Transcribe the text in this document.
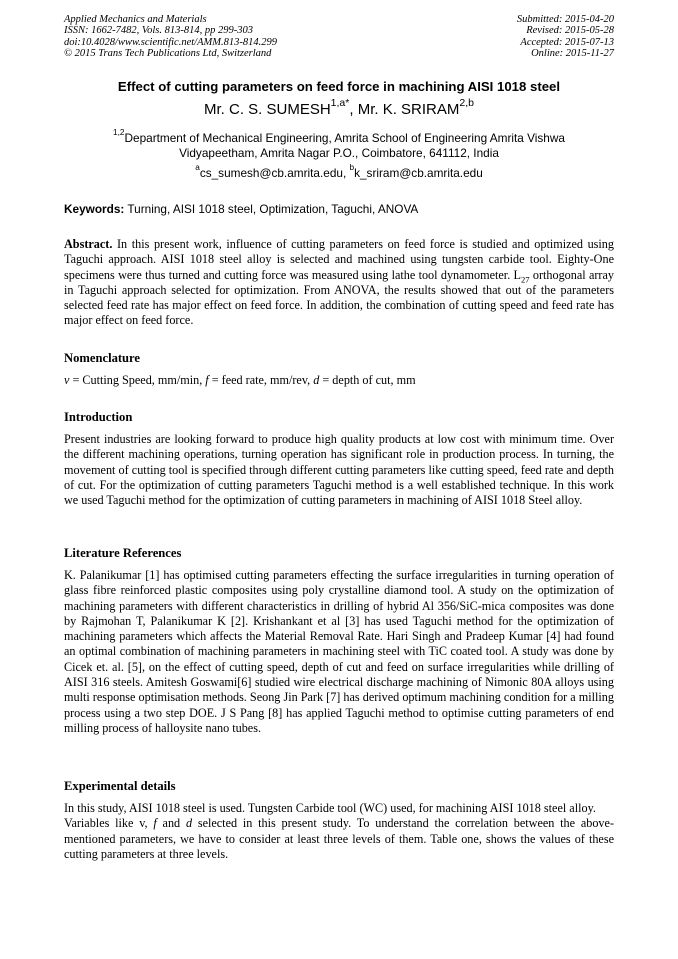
Applied Mechanics and Materials
ISSN: 1662-7482, Vols. 813-814, pp 299-303
doi:10.4028/www.scientific.net/AMM.813-814.299
© 2015 Trans Tech Publications Ltd, Switzerland
Submitted: 2015-04-20
Revised: 2015-05-28
Accepted: 2015-07-13
Online: 2015-11-27
Effect of cutting parameters on feed force in machining AISI 1018 steel
Mr. C. S. $SUMESH^{1,a*}$, Mr. K. SRIRAM$^{2,b}$
$^{1,2}$Department of Mechanical Engineering, Amrita School of Engineering Amrita Vishwa
Vidyapeetham, Amrita Nagar P.O., Coimbatore, 641112, India
$^a$cs_sumesh@cb.amrita.edu, $^b$k_sriram@cb.amrita.edu
Keywords: Turning, AISI 1018 steel, Optimization, Taguchi, ANOVA

Abstract. In this present work, influence of cutting parameters on feed force is studied and optimized using Taguchi approach. AISI 1018 steel alloy is selected and machined using tungsten carbide tool. Eighty-One specimens were thus turned and cutting force was measured using lathe tool dynamometer. $L_{27}$ orthogonal array in Taguchi approach selected for optimization. From ANOVA, the results showed that out of the parameters selected feed rate has major effect on feed force. In addition, the combination of cutting speed and feed rate has major effect on feed force.

Nomenclature

v = Cutting Speed, mm/min, f = feed rate, mm/rev, d = depth of cut, mm

Introduction
Present industries are looking forward to produce high quality products at low cost with minimum time. Over the different machining operations, turning operation has significant role in production process. In turning, the movement of cutting tool is specified through different cutting parameters like cutting speed, feed rate and depth of cut. For the optimization of cutting parameters Taguchi method is a well established technique. In this work we used Taguchi method for the optimization of cutting parameters in machining of AISI 1018 Steel alloy.
Literature References
K. Palanikumar [1] has optimised cutting parameters effecting the surface irregularities in turning operation of glass fibre reinforced plastic composites using poly crystalline diamond tool. A study on the optimization of machining parameters with different characteristics in drilling of hybrid Al 356/SiC-mica composites was done by Rajmohan T, Palanikumar K [2]. Krishankant et al [3] has used Taguchi method for the optimization of machining parameters which affects the Material Removal Rate. Hari Singh and Pradeep Kumar [4] had found an optimal combination of machining parameters in machining steel with TiC coated tool. A study was done by Cicek et. al. [5], on the effect of cutting speed, depth of cut and feed on surface irregularities while drilling of AISI 316 steels. Amitesh Goswami[6] studied wire electrical discharge machining of Nimonic 80A alloys using multi response optimisation methods. Seong Jin Park [7] has derived optimum machining condition for a milling process using a two step DOE. J S Pang [8] has applied Taguchi method to optimise cutting parameters of end milling process of halloysite nano tubes.
Experimental details

In this study, AISI 1018 steel is used. Tungsten Carbide tool (WC) used, for machining AISI 1018 steel alloy.

Variables like v, f and d selected in this present study. To understand the correlation between the above-mentioned parameters, we have to consider at least three levels of them. Table one, shows the values of these cutting parameters at three levels.
